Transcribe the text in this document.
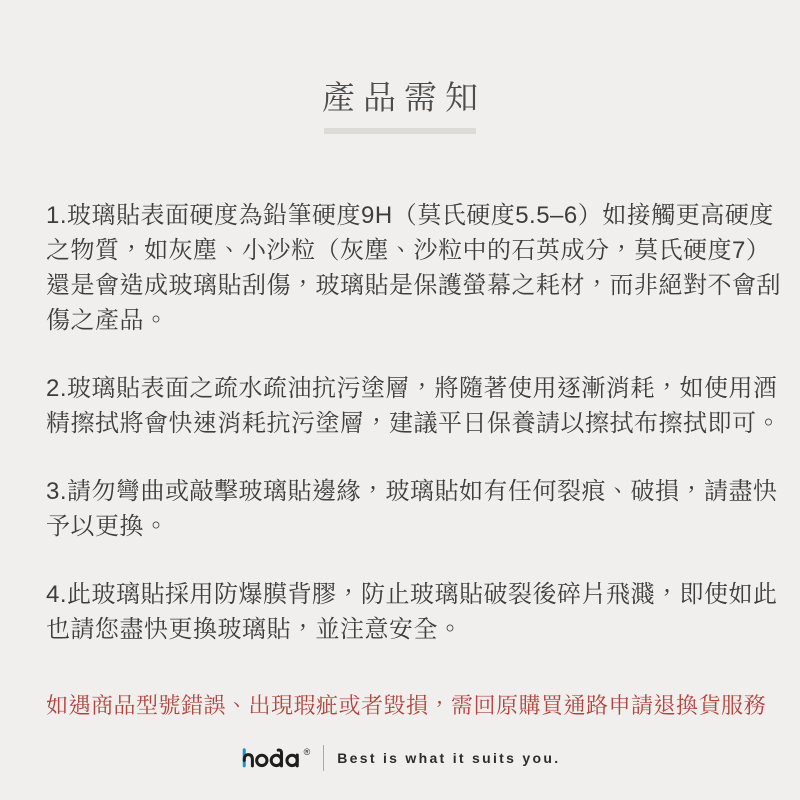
產品需知

1.玻璃貼表面硬度為鉛筆硬度9H（莫氏硬度5.5–6）如接觸更高硬度
之物質，如灰塵、小沙粒（灰塵、沙粒中的石英成分，莫氏硬度7）
還是會造成玻璃貼刮傷，玻璃貼是保護螢幕之耗材，而非絕對不會刮
傷之產品。

2.玻璃貼表面之疏水疏油抗污塗層，將隨著使用逐漸消耗，如使用酒
精擦拭將會快速消耗抗污塗層，建議平日保養請以擦拭布擦拭即可。

3.請勿彎曲或敲擊玻璃貼邊緣，玻璃貼如有任何裂痕、破損，請盡快
予以更換。

4.此玻璃貼採用防爆膜背膠，防止玻璃貼破裂後碎片飛濺，即使如此
也請您盡快更換玻璃貼，並注意安全。

如遇商品型號錯誤、出現瑕疵或者毀損，需回原購買通路申請退換貨服務

® Best is what it suits you.
